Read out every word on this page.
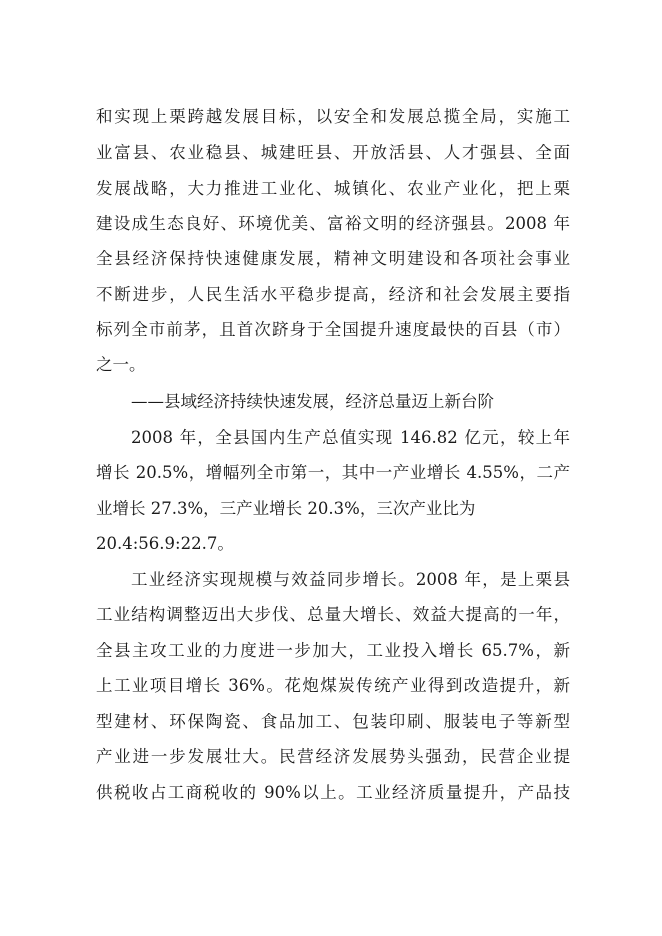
和实现上栗跨越发展目标，以安全和发展总揽全局，实施工
业富县、农业稳县、城建旺县、开放活县、人才强县、全面
发展战略，大力推进工业化、城镇化、农业产业化，把上栗
建设成生态良好、环境优美、富裕文明的经济强县。2008 年
全县经济保持快速健康发展，精神文明建设和各项社会事业
不断进步，人民生活水平稳步提高，经济和社会发展主要指
标列全市前茅，且首次跻身于全国提升速度最快的百县（市）
之一。
——县域经济持续快速发展，经济总量迈上新台阶
2008 年，全县国内生产总值实现 146.82 亿元，较上年
增长 20.5%，增幅列全市第一，其中一产业增长 4.55%，二产
业增长 27.3%，三产业增长 20.3%，三次产业比为
20.4:56.9:22.7。
工业经济实现规模与效益同步增长。2008 年，是上栗县
工业结构调整迈出大步伐、总量大增长、效益大提高的一年，
全县主攻工业的力度进一步加大，工业投入增长 65.7%，新
上工业项目增长 36%。花炮煤炭传统产业得到改造提升，新
型建材、环保陶瓷、食品加工、包装印刷、服装电子等新型
产业进一步发展壮大。民营经济发展势头强劲，民营企业提
供税收占工商税收的 90%以上。工业经济质量提升，产品技
